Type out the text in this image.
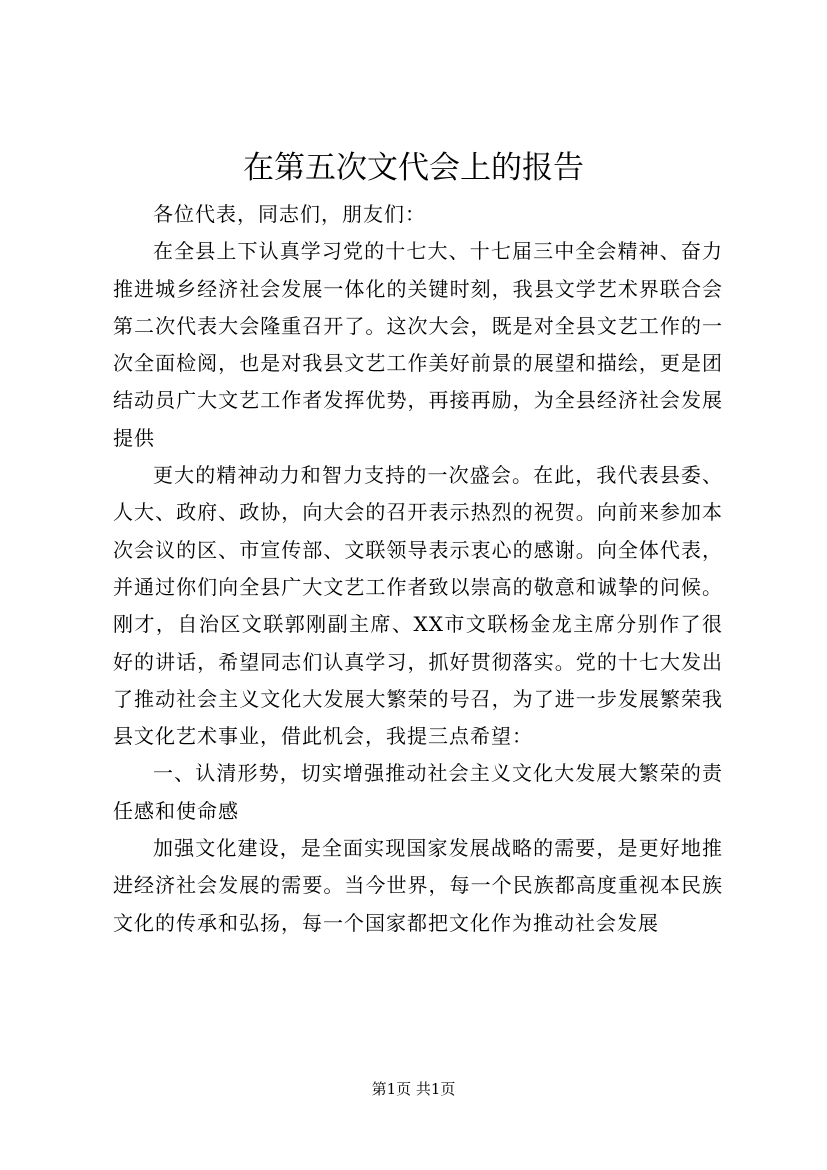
在第五次文代会上的报告

各位代表，同志们，朋友们：

在全县上下认真学习党的十七大、十七届三中全会精神、奋力推进城乡经济社会发展一体化的关键时刻，我县文学艺术界联合会第二次代表大会隆重召开了。这次大会，既是对全县文艺工作的一次全面检阅，也是对我县文艺工作美好前景的展望和描绘，更是团结动员广大文艺工作者发挥优势，再接再励，为全县经济社会发展提供

更大的精神动力和智力支持的一次盛会。在此，我代表县委、人大、政府、政协，向大会的召开表示热烈的祝贺。向前来参加本次会议的区、市宣传部、文联领导表示衷心的感谢。向全体代表，并通过你们向全县广大文艺工作者致以崇高的敬意和诚挚的问候。刚才，自治区文联郭刚副主席、XX市文联杨金龙主席分别作了很好的讲话，希望同志们认真学习，抓好贯彻落实。党的十七大发出了推动社会主义文化大发展大繁荣的号召，为了进一步发展繁荣我县文化艺术事业，借此机会，我提三点希望：

一、认清形势，切实增强推动社会主义文化大发展大繁荣的责任感和使命感

加强文化建设，是全面实现国家发展战略的需要，是更好地推进经济社会发展的需要。当今世界，每一个民族都高度重视本民族文化的传承和弘扬，每一个国家都把文化作为推动社会发展

第1页 共1页
